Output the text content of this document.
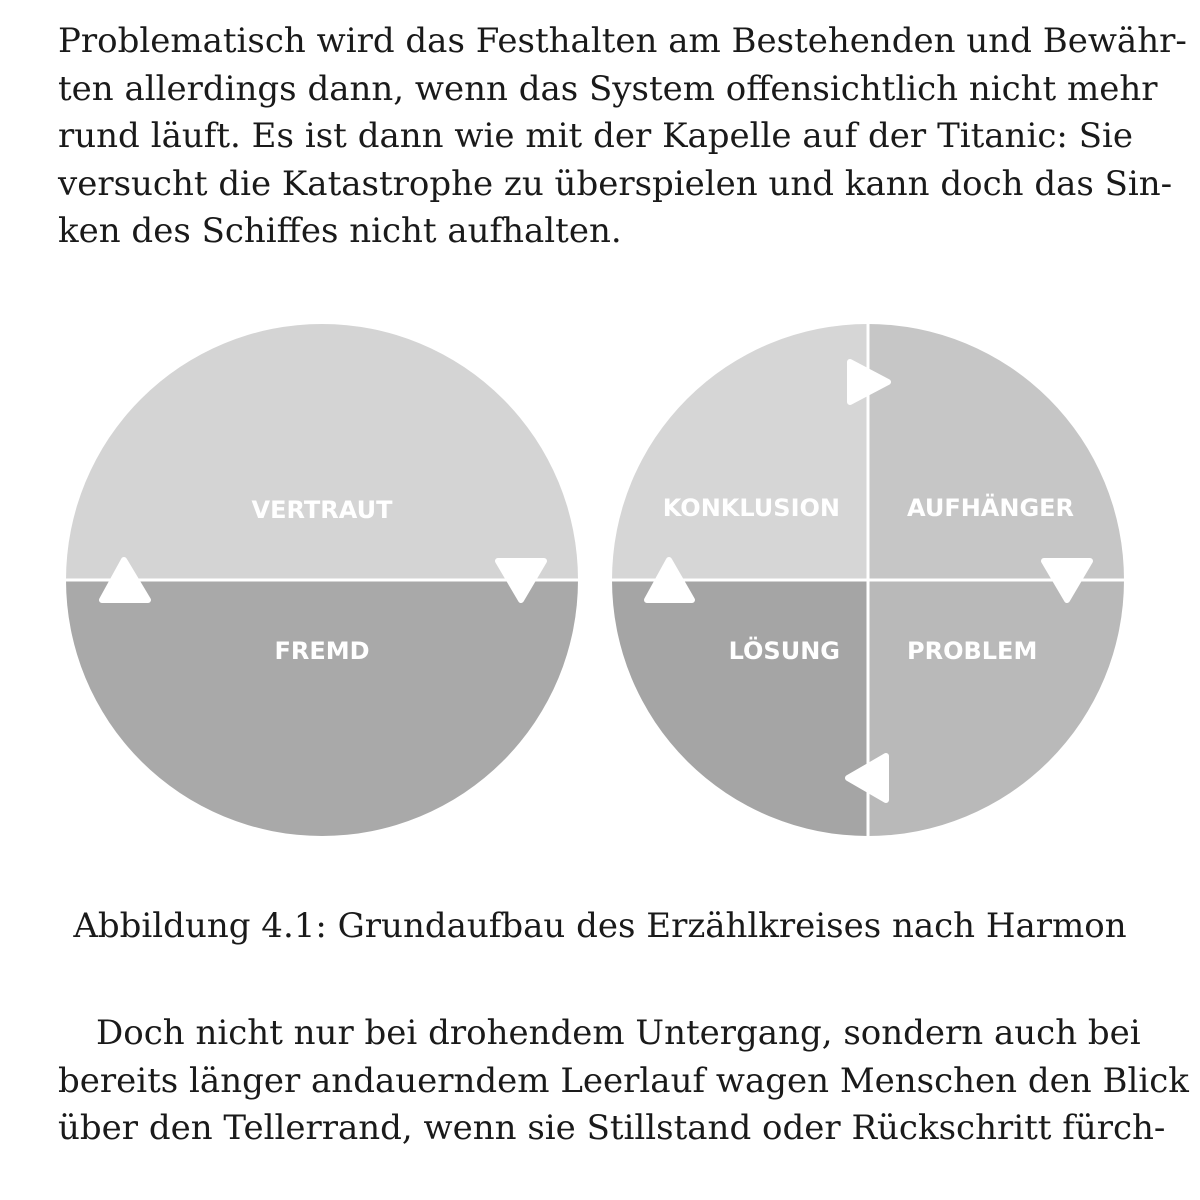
Problematisch wird das Festhalten am Bestehenden und Bewähr-
ten allerdings dann, wenn das System offensichtlich nicht mehr
rund läuft. Es ist dann wie mit der Kapelle auf der Titanic: Sie
versucht die Katastrophe zu überspielen und kann doch das Sin-
ken des Schiffes nicht aufhalten.
VERTRAUT
FREMD
KONKLUSION	AUFHÄNGER
LÖSUNG	PROBLEM
Abbildung 4.1: Grundaufbau des Erzählkreises nach Harmon
Doch nicht nur bei drohendem Untergang, sondern auch bei
bereits länger andauerndem Leerlauf wagen Menschen den Blick
über den Tellerrand, wenn sie Stillstand oder Rückschritt fürch-
